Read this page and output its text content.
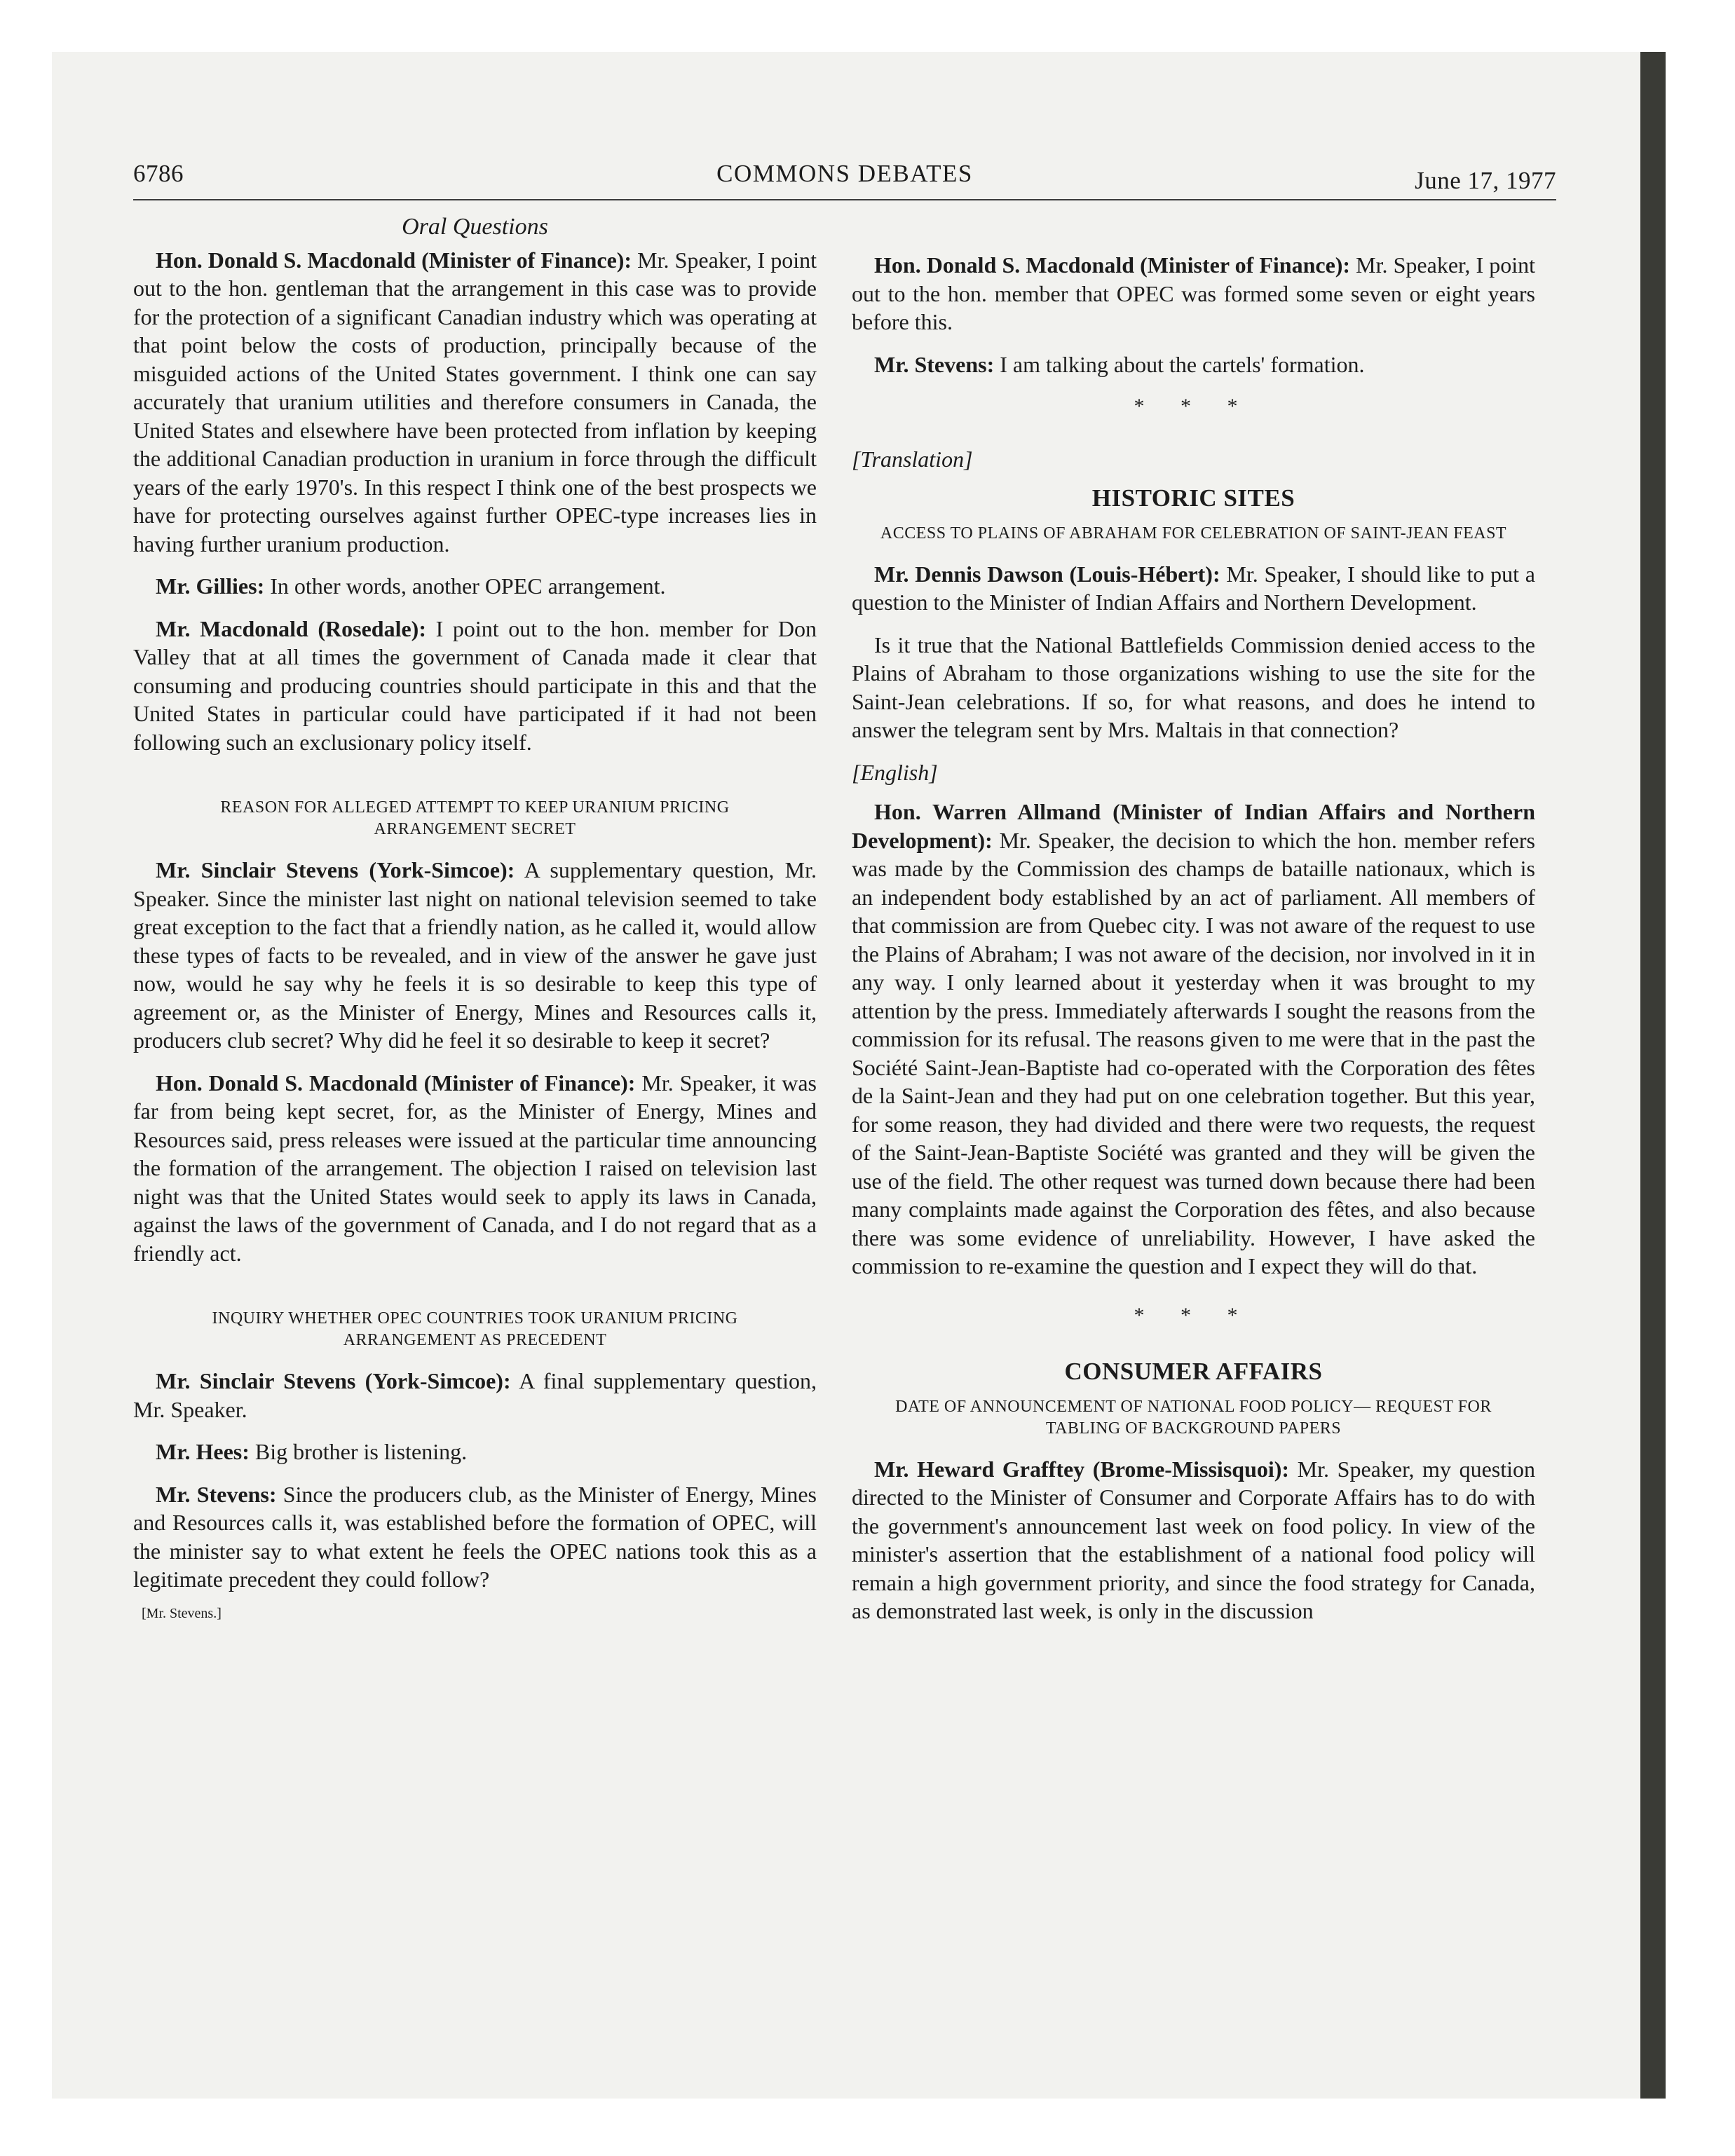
6786	COMMONS DEBATES	June 17, 1977
Oral Questions

Hon. Donald S. Macdonald (Minister of Finance): Mr. Speaker, I point out to the hon. gentleman that the arrangement in this case was to provide for the protection of a significant Canadian industry which was operating at that point below the costs of production, principally because of the misguided actions of the United States government. I think one can say accurately that uranium utilities and therefore consumers in Canada, the United States and elsewhere have been protected from inflation by keeping the additional Canadian production in uranium in force through the difficult years of the early 1970's. In this respect I think one of the best prospects we have for protecting ourselves against further OPEC-type increases lies in having further uranium production.

Mr. Gillies: In other words, another OPEC arrangement.

Mr. Macdonald (Rosedale): I point out to the hon. member for Don Valley that at all times the government of Canada made it clear that consuming and producing countries should participate in this and that the United States in particular could have participated if it had not been following such an exclusionary policy itself.

REASON FOR ALLEGED ATTEMPT TO KEEP URANIUM PRICING ARRANGEMENT SECRET

Mr. Sinclair Stevens (York-Simcoe): A supplementary question, Mr. Speaker. Since the minister last night on national television seemed to take great exception to the fact that a friendly nation, as he called it, would allow these types of facts to be revealed, and in view of the answer he gave just now, would he say why he feels it is so desirable to keep this type of agreement or, as the Minister of Energy, Mines and Resources calls it, producers club secret? Why did he feel it so desirable to keep it secret?

Hon. Donald S. Macdonald (Minister of Finance): Mr. Speaker, it was far from being kept secret, for, as the Minister of Energy, Mines and Resources said, press releases were issued at the particular time announcing the formation of the arrangement. The objection I raised on television last night was that the United States would seek to apply its laws in Canada, against the laws of the government of Canada, and I do not regard that as a friendly act.

INQUIRY WHETHER OPEC COUNTRIES TOOK URANIUM PRICING ARRANGEMENT AS PRECEDENT

Mr. Sinclair Stevens (York-Simcoe): A final supplementary question, Mr. Speaker.

Mr. Hees: Big brother is listening.

Mr. Stevens: Since the producers club, as the Minister of Energy, Mines and Resources calls it, was established before the formation of OPEC, will the minister say to what extent he feels the OPEC nations took this as a legitimate precedent they could follow?

[Mr. Stevens.]

Hon. Donald S. Macdonald (Minister of Finance): Mr. Speaker, I point out to the hon. member that OPEC was formed some seven or eight years before this.

Mr. Stevens: I am talking about the cartels' formation.

* * *
[Translation]
HISTORIC SITES
ACCESS TO PLAINS OF ABRAHAM FOR CELEBRATION OF SAINT-JEAN FEAST

Mr. Dennis Dawson (Louis-Hébert): Mr. Speaker, I should like to put a question to the Minister of Indian Affairs and Northern Development.

Is it true that the National Battlefields Commission denied access to the Plains of Abraham to those organizations wishing to use the site for the Saint-Jean celebrations. If so, for what reasons, and does he intend to answer the telegram sent by Mrs. Maltais in that connection?

[English]

Hon. Warren Allmand (Minister of Indian Affairs and Northern Development): Mr. Speaker, the decision to which the hon. member refers was made by the Commission des champs de bataille nationaux, which is an independent body established by an act of parliament. All members of that commission are from Quebec city. I was not aware of the request to use the Plains of Abraham; I was not aware of the decision, nor involved in it in any way. I only learned about it yesterday when it was brought to my attention by the press. Immediately afterwards I sought the reasons from the commission for its refusal. The reasons given to me were that in the past the Société Saint-Jean-Baptiste had co-operated with the Corporation des fêtes de la Saint-Jean and they had put on one celebration together. But this year, for some reason, they had divided and there were two requests, the request of the Saint-Jean-Baptiste Société was granted and they will be given the use of the field. The other request was turned down because there had been many complaints made against the Corporation des fêtes, and also because there was some evidence of unreliability. However, I have asked the commission to re-examine the question and I expect they will do that.

* * *
CONSUMER AFFAIRS
DATE OF ANNOUNCEMENT OF NATIONAL FOOD POLICY— REQUEST FOR TABLING OF BACKGROUND PAPERS

Mr. Heward Grafftey (Brome-Missisquoi): Mr. Speaker, my question directed to the Minister of Consumer and Corporate Affairs has to do with the government's announcement last week on food policy. In view of the minister's assertion that the establishment of a national food policy will remain a high government priority, and since the food strategy for Canada, as demonstrated last week, is only in the discussion
